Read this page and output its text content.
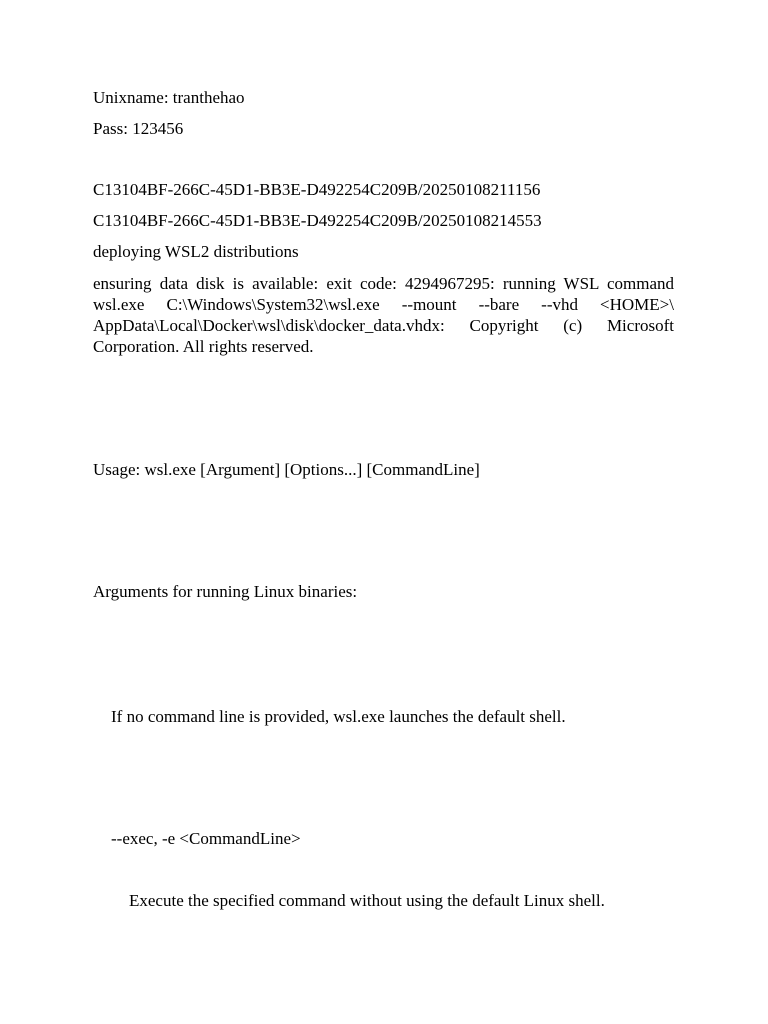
Unixname: tranthehao
Pass: 123456
C13104BF-266C-45D1-BB3E-D492254C209B/20250108211156
C13104BF-266C-45D1-BB3E-D492254C209B/20250108214553
deploying WSL2 distributions
ensuring data disk is available: exit code: 4294967295: running WSL command wsl.exe C:\Windows\System32\wsl.exe --mount --bare --vhd <HOME>\ AppData\Local\Docker\wsl\disk\docker_data.vhdx: Copyright (c) Microsoft Corporation. All rights reserved.
Usage: wsl.exe [Argument] [Options...] [CommandLine]
Arguments for running Linux binaries:
If no command line is provided, wsl.exe launches the default shell.
--exec, -e <CommandLine>
Execute the specified command without using the default Linux shell.
